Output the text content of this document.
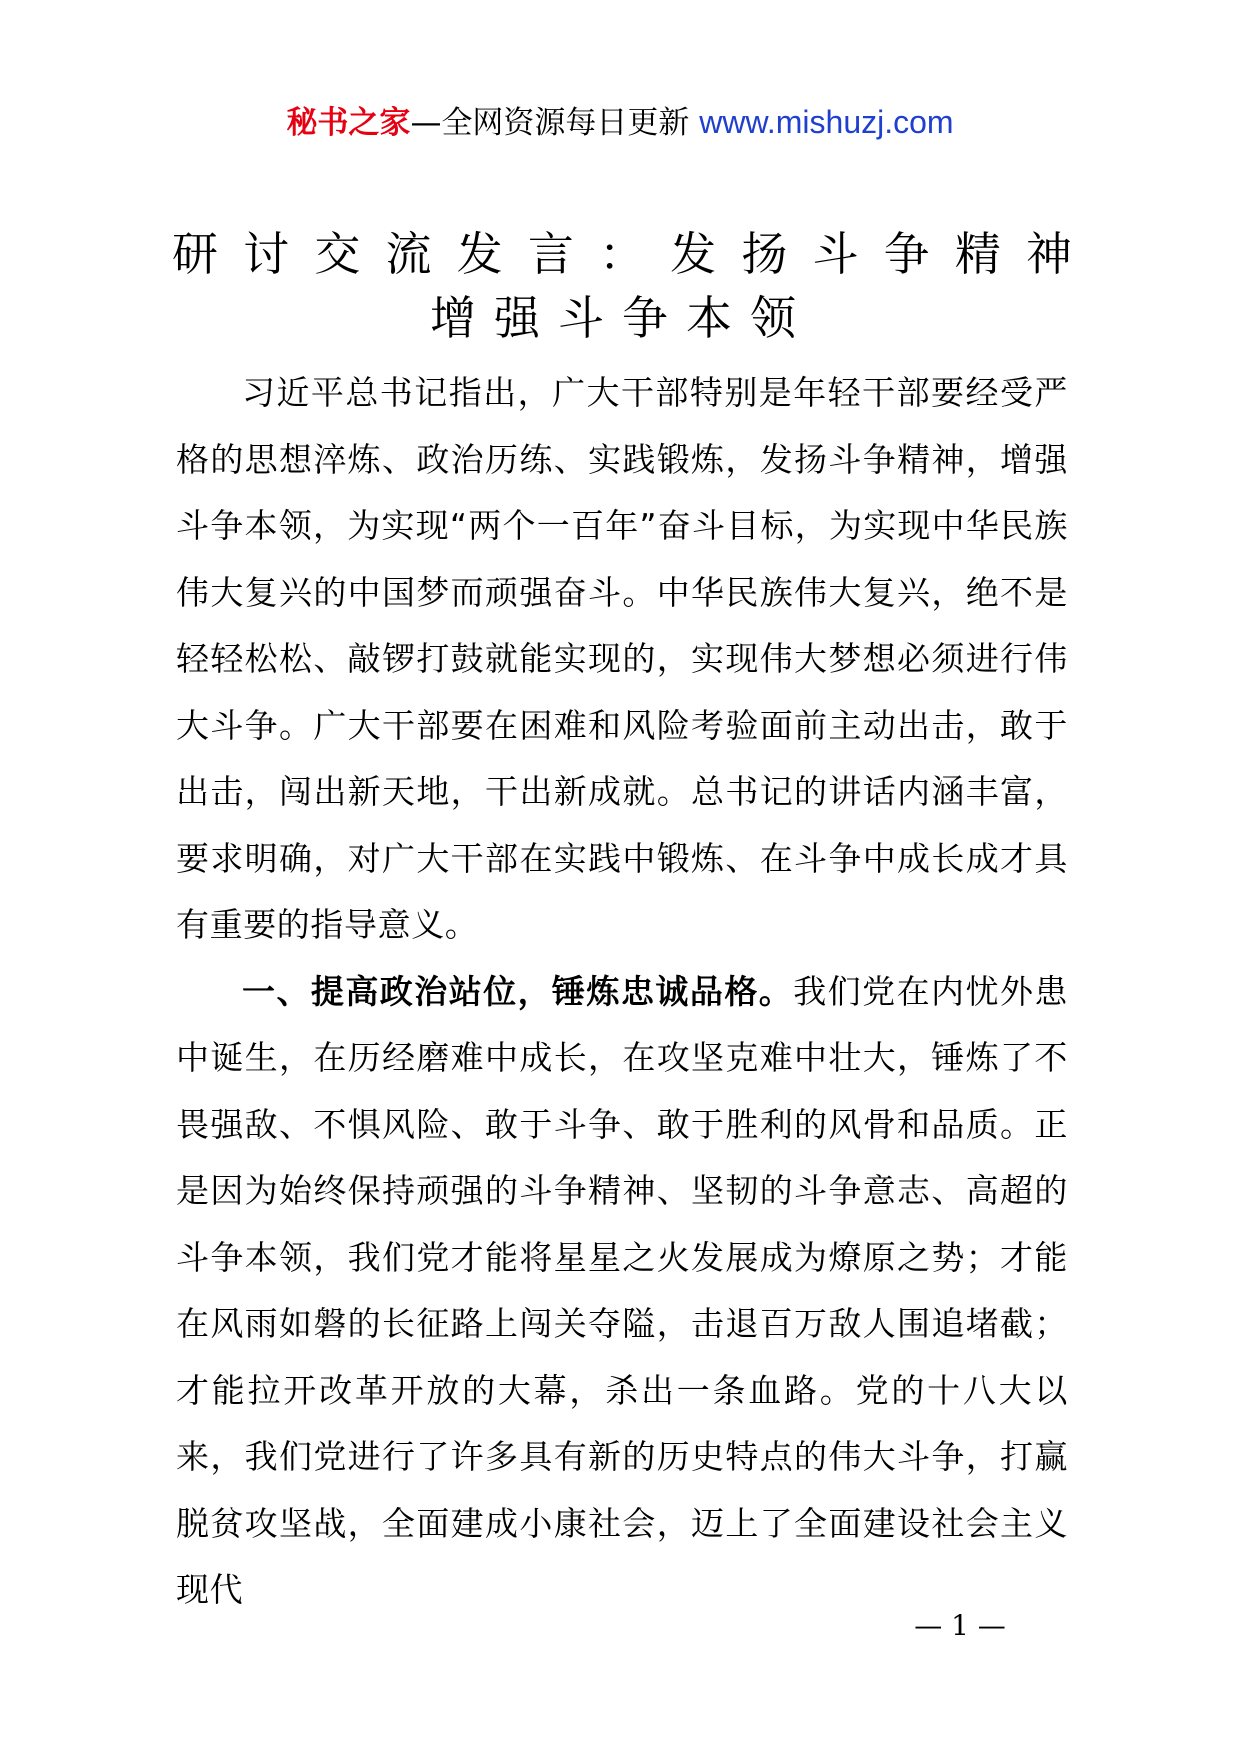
秘书之家—全网资源每日更新 www.mishuzj.com
研讨交流发言：发扬斗争精神
增强斗争本领

习近平总书记指出，广大干部特别是年轻干部要经受严格的思想淬炼、政治历练、实践锻炼，发扬斗争精神，增强斗争本领，为实现“两个一百年”奋斗目标，为实现中华民族伟大复兴的中国梦而顽强奋斗。中华民族伟大复兴，绝不是轻轻松松、敲锣打鼓就能实现的，实现伟大梦想必须进行伟大斗争。广大干部要在困难和风险考验面前主动出击，敢于出击，闯出新天地，干出新成就。总书记的讲话内涵丰富，要求明确，对广大干部在实践中锻炼、在斗争中成长成才具有重要的指导意义。

一、提高政治站位，锤炼忠诚品格。我们党在内忧外患中诞生，在历经磨难中成长，在攻坚克难中壮大，锤炼了不畏强敌、不惧风险、敢于斗争、敢于胜利的风骨和品质。正是因为始终保持顽强的斗争精神、坚韧的斗争意志、高超的斗争本领，我们党才能将星星之火发展成为燎原之势；才能在风雨如磐的长征路上闯关夺隘，击退百万敌人围追堵截；才能拉开改革开放的大幕，杀出一条血路。党的十八大以来，我们党进行了许多具有新的历史特点的伟大斗争，打赢脱贫攻坚战，全面建成小康社会，迈上了全面建设社会主义现代

— 1 —
